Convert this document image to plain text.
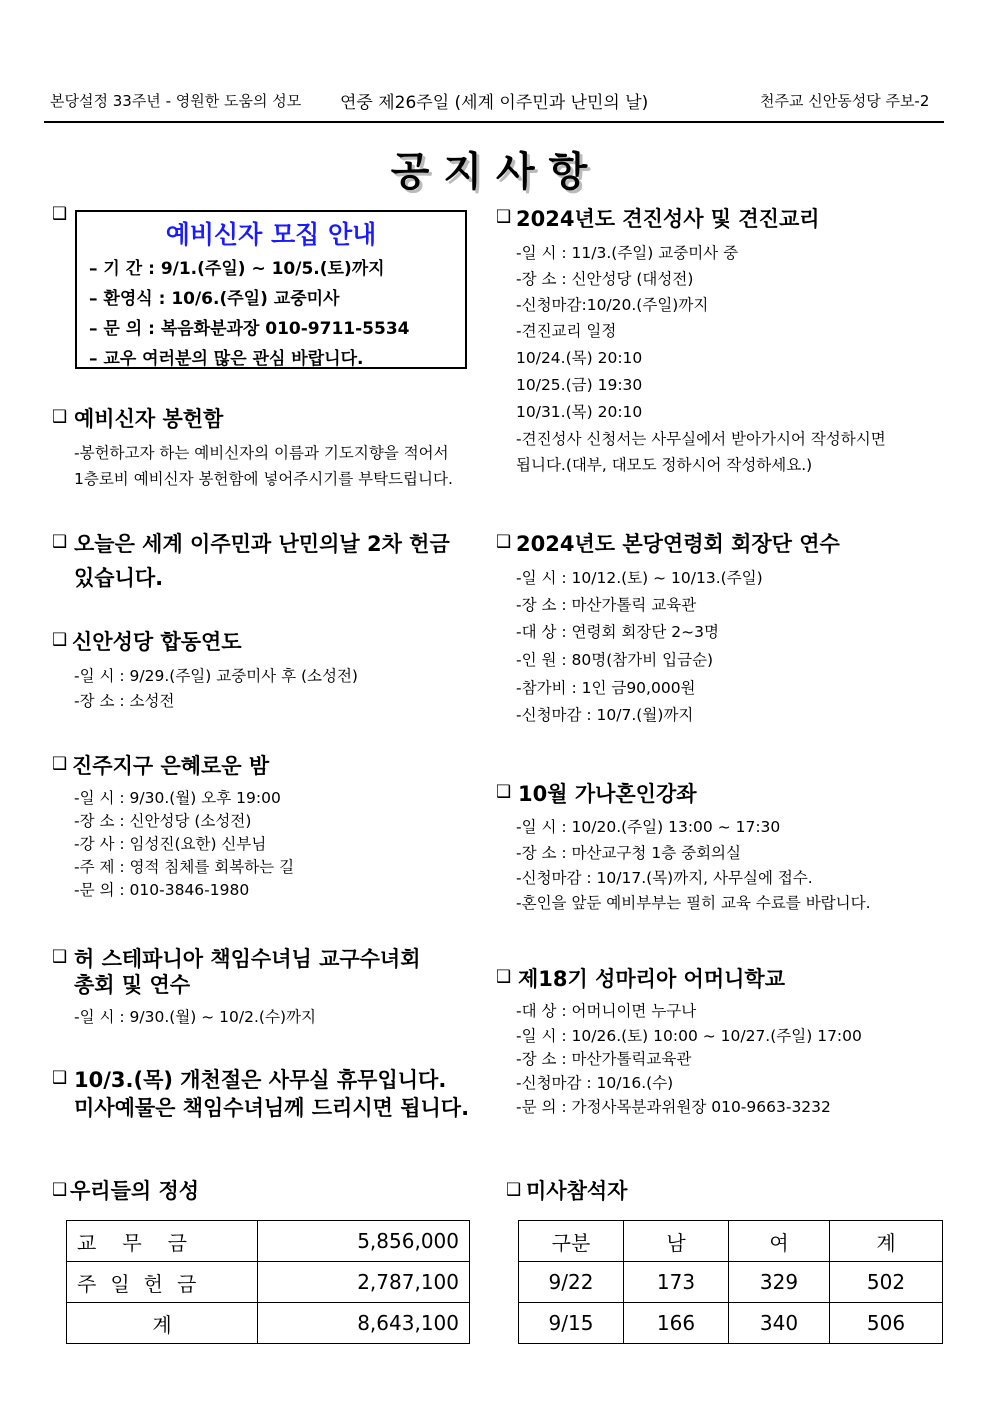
본당설정 33주년 - 영원한 도움의 성모 연중 제26주일 (세계 이주민과 난민의 날)	천주교 신안동성당 주보-2
공지사항
❑
예비신자 모집 안내
– 기 간 : 9/1.(주일) ~ 10/5.(토)까지
– 환영식 : 10/6.(주일) 교중미사
– 문 의 : 복음화분과장 010-9711-5534
– 교우 여러분의 많은 관심 바랍니다.
❑ 예비신자 봉헌함
-봉헌하고자 하는 예비신자의 이름과 기도지향을 적어서
1층로비 예비신자 봉헌함에 넣어주시기를 부탁드립니다.
❑ 오늘은 세계 이주민과 난민의날 2차 헌금
있습니다.
❑ 신안성당 합동연도
-일 시 : 9/29.(주일) 교중미사 후 (소성전)
-장 소 : 소성전
❑ 진주지구 은혜로운 밤
-일 시 : 9/30.(월) 오후 19:00
-장 소 : 신안성당 (소성전)
-강 사 : 임성진(요한) 신부님
-주 제 : 영적 침체를 회복하는 길
-문 의 : 010-3846-1980
❑ 허 스테파니아 책임수녀님 교구수녀회
총회 및 연수
-일 시 : 9/30.(월) ~ 10/2.(수)까지
❑ 10/3.(목) 개천절은 사무실 휴무입니다.
미사예물은 책임수녀님께 드리시면 됩니다.
❑ 2024년도 견진성사 및 견진교리
-일 시 : 11/3.(주일) 교중미사 중
-장 소 : 신안성당 (대성전)
-신청마감:10/20.(주일)까지
-견진교리 일정
10/24.(목) 20:10
10/25.(금) 19:30
10/31.(목) 20:10
-견진성사 신청서는 사무실에서 받아가시어 작성하시면
됩니다.(대부, 대모도 정하시어 작성하세요.)
❑ 2024년도 본당연령회 회장단 연수
-일 시 : 10/12.(토) ~ 10/13.(주일)
-장 소 : 마산가톨릭 교육관
-대 상 : 연령회 회장단 2~3명
-인 원 : 80명(참가비 입금순)
-참가비 : 1인 금90,000원
-신청마감 : 10/7.(월)까지
❑ 10월 가나혼인강좌
-일 시 : 10/20.(주일) 13:00 ~ 17:30
-장 소 : 마산교구청 1층 중회의실
-신청마감 : 10/17.(목)까지, 사무실에 접수.
-혼인을 앞둔 예비부부는 필히 교육 수료를 바랍니다.
❑ 제18기 성마리아 어머니학교
-대 상 : 어머니이면 누구나
-일 시 : 10/26.(토) 10:00 ~ 10/27.(주일) 17:00
-장 소 : 마산가톨릭교육관
-신청마감 : 10/16.(수)
-문 의 : 가정사목분과위원장 010-9663-3232
❑ 우리들의 정성
교무금	5,856,000
주일헌금	2,787,100
계	8,643,100
❑ 미사참석자
구분	남	여	계
9/22	173	329	502
9/15	166	340	506
